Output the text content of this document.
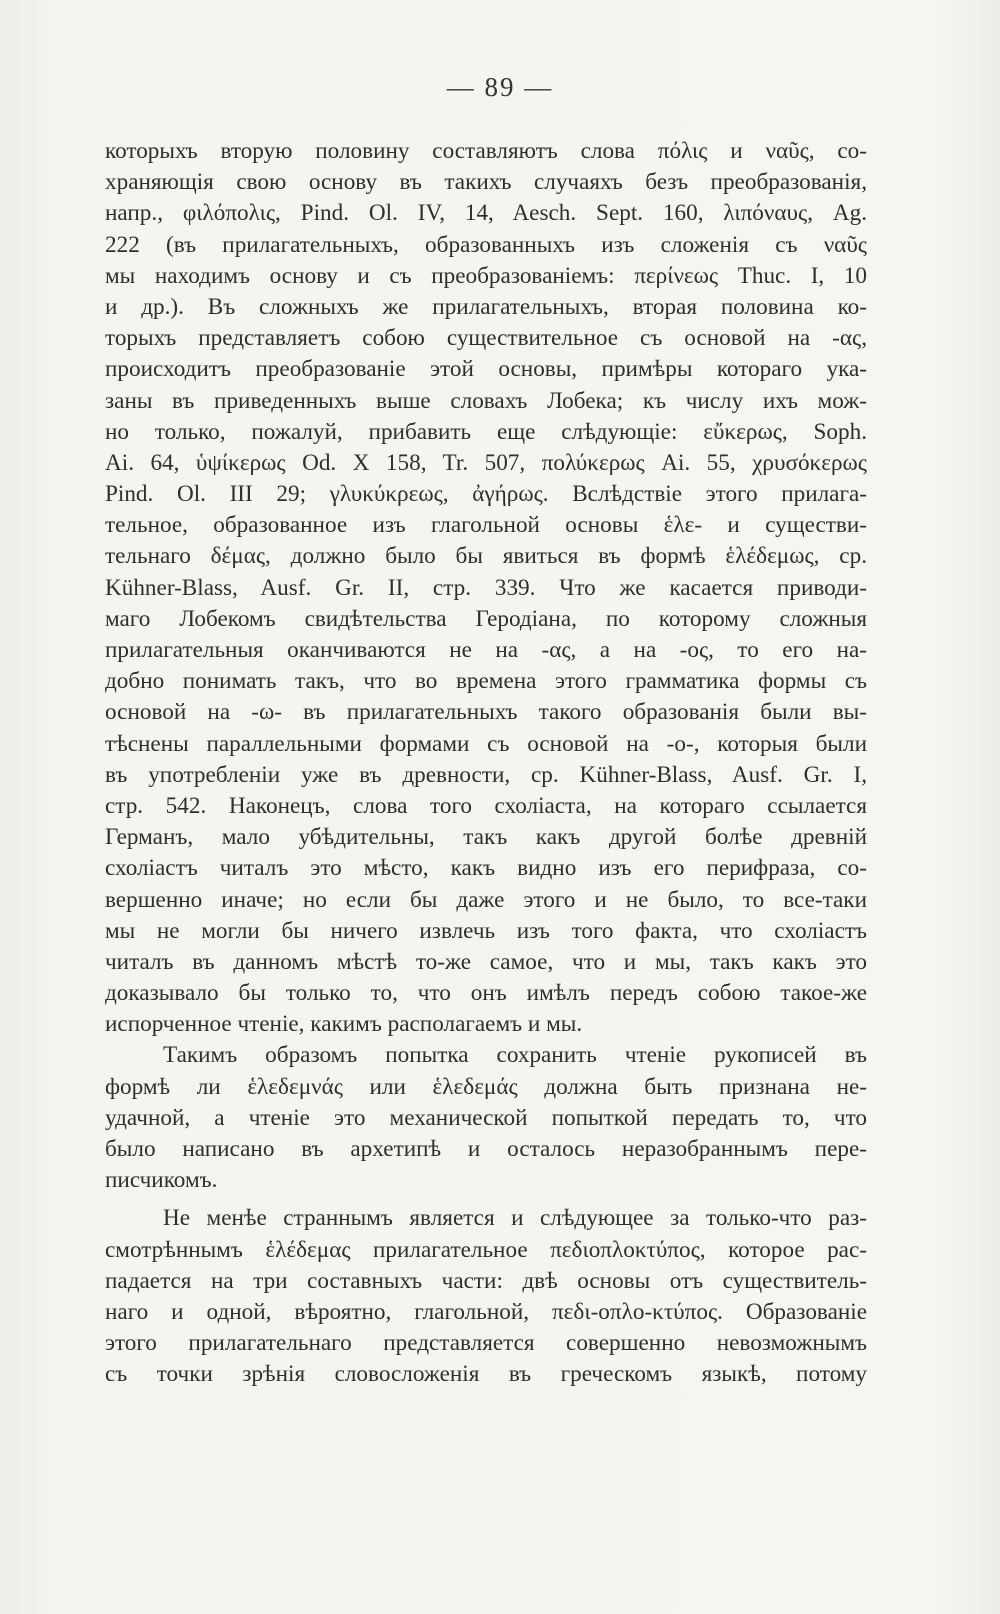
— 89 —
которыхъ вторую половину составляютъ слова πόλις и ναῦς, со-
храняющія свою основу въ такихъ случаяхъ безъ преобразованія,
напр., φιλόπολις, Pind. Ol. IV, 14, Aesch. Sept. 160, λιπόναυς, Ag.
222 (въ прилагательныхъ, образованныхъ изъ сложенія съ ναῦς
мы находимъ основу и съ преобразованіемъ: περίνεως Thuc. I, 10
и др.). Въ сложныхъ же прилагательныхъ, вторая половина ко-
торыхъ представляетъ собою существительное съ основой на -ας,
происходитъ преобразованіе этой основы, примѣры котораго ука-
заны въ приведенныхъ выше словахъ Лобека; къ числу ихъ мож-
но только, пожалуй, прибавить еще слѣдующіе: εὔκερως, Soph.
Ai. 64, ὑψίκερως Od. X 158, Tr. 507, πολύκερως Ai. 55, χρυσόκερως
Pind. Ol. III 29; γλυκύκρεως, ἀγήρως. Вслѣдствіе этого прилага-
тельное, образованное изъ глагольной основы ἑλε- и существи-
тельнаго δέμας, должно было бы явиться въ формѣ ἑλέδεμως, ср.
Kühner-Blass, Ausf. Gr. II, стр. 339. Что же касается приводи-
маго Лобекомъ свидѣтельства Геродіана, по которому сложныя
прилагательныя оканчиваются не на -ας, а на -ος, то его на-
добно понимать такъ, что во времена этого грамматика формы съ
основой на -ω- въ прилагательныхъ такого образованія были вы-
тѣснены параллельными формами съ основой на -ο-, которыя были
въ употребленіи уже въ древности, ср. Kühner-Blass, Ausf. Gr. I,
стр. 542. Наконецъ, слова того схоліаста, на котораго ссылается
Германъ, мало убѣдительны, такъ какъ другой болѣе древній
схоліастъ читалъ это мѣсто, какъ видно изъ его перифраза, со-
вершенно иначе; но если бы даже этого и не было, то все-таки
мы не могли бы ничего извлечь изъ того факта, что схоліастъ
читалъ въ данномъ мѣстѣ то-же самое, что и мы, такъ какъ это
доказывало бы только то, что онъ имѣлъ передъ собою такое-же
испорченное чтеніе, какимъ располагаемъ и мы.
Такимъ образомъ попытка сохранить чтеніе рукописей въ
формѣ ли ἑλεδεμνάς или ἑλεδεμάς должна быть признана не-
удачной, а чтеніе это механической попыткой передать то, что
было написано въ архетипѣ и осталось неразобраннымъ пере-
писчикомъ.
Не менѣе страннымъ является и слѣдующее за только-что раз-
смотрѣннымъ ἑλέδεμας прилагательное πεδιοπλοκτύπος, которое рас-
падается на три составныхъ части: двѣ основы отъ существитель-
наго и одной, вѣроятно, глагольной, πεδι-οπλο-κτύπος. Образованіе
этого прилагательнаго представляется совершенно невозможнымъ
съ точки зрѣнія словосложенія въ греческомъ языкѣ, потому
